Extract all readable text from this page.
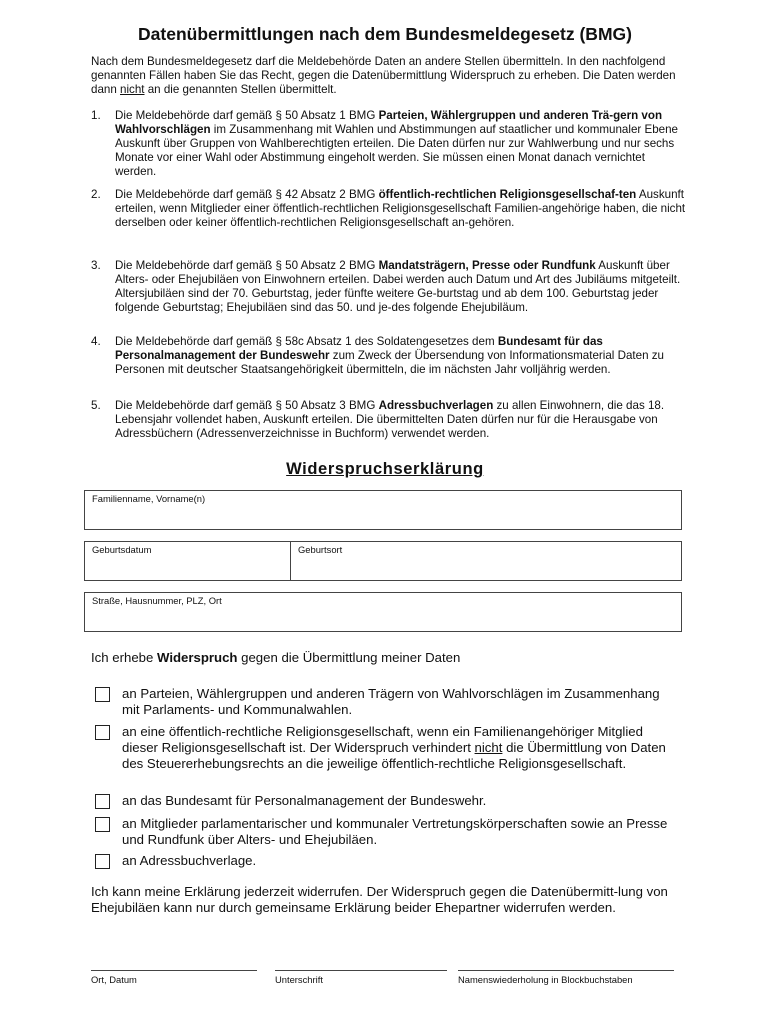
Datenübermittlungen nach dem Bundesmeldegesetz (BMG)
Nach dem Bundesmeldegesetz darf die Meldebehörde Daten an andere Stellen übermitteln. In den nachfolgend genannten Fällen haben Sie das Recht, gegen die Datenübermittlung Widerspruch zu erheben. Die Daten werden dann nicht an die genannten Stellen übermittelt.
1. Die Meldebehörde darf gemäß § 50 Absatz 1 BMG Parteien, Wählergruppen und anderen Trä-gern von Wahlvorschlägen im Zusammenhang mit Wahlen und Abstimmungen auf staatlicher und kommunaler Ebene Auskunft über Gruppen von Wahlberechtigten erteilen. Die Daten dürfen nur zur Wahlwerbung und nur sechs Monate vor einer Wahl oder Abstimmung eingeholt werden. Sie müssen einen Monat danach vernichtet werden.
2. Die Meldebehörde darf gemäß § 42 Absatz 2 BMG öffentlich-rechtlichen Religionsgesellschaf-ten Auskunft erteilen, wenn Mitglieder einer öffentlich-rechtlichen Religionsgesellschaft Familien-angehörige haben, die nicht derselben oder keiner öffentlich-rechtlichen Religionsgesellschaft an-gehören.
3. Die Meldebehörde darf gemäß § 50 Absatz 2 BMG Mandatsträgern, Presse oder Rundfunk Auskunft über Alters- oder Ehejubiläen von Einwohnern erteilen. Dabei werden auch Datum und Art des Jubiläums mitgeteilt. Altersjubiläen sind der 70. Geburtstag, jeder fünfte weitere Ge-burtstag und ab dem 100. Geburtstag jeder folgende Geburtstag; Ehejubiläen sind das 50. und je-des folgende Ehejubiläum.
4. Die Meldebehörde darf gemäß § 58c Absatz 1 des Soldatengesetzes dem Bundesamt für das Personalmanagement der Bundeswehr zum Zweck der Übersendung von Informationsmaterial Daten zu Personen mit deutscher Staatsangehörigkeit übermitteln, die im nächsten Jahr volljährig werden.
5. Die Meldebehörde darf gemäß § 50 Absatz 3 BMG Adressbuchverlagen zu allen Einwohnern, die das 18. Lebensjahr vollendet haben, Auskunft erteilen. Die übermittelten Daten dürfen nur für die Herausgabe von Adressbüchern (Adressenverzeichnisse in Buchform) verwendet werden.
Widerspruchserklärung
Familienname, Vorname(n)
Geburtsdatum	Geburtsort
Straße, Hausnummer, PLZ, Ort
Ich erhebe Widerspruch gegen die Übermittlung meiner Daten
an Parteien, Wählergruppen und anderen Trägern von Wahlvorschlägen im Zusammenhang mit Parlaments- und Kommunalwahlen.
an eine öffentlich-rechtliche Religionsgesellschaft, wenn ein Familienangehöriger Mitglied dieser Religionsgesellschaft ist. Der Widerspruch verhindert nicht die Übermittlung von Daten des Steuererhebungsrechts an die jeweilige öffentlich-rechtliche Religionsgesellschaft.
an das Bundesamt für Personalmanagement der Bundeswehr.
an Mitglieder parlamentarischer und kommunaler Vertretungskörperschaften sowie an Presse und Rundfunk über Alters- und Ehejubiläen.
an Adressbuchverlage.
Ich kann meine Erklärung jederzeit widerrufen. Der Widerspruch gegen die Datenübermitt-lung von Ehejubiläen kann nur durch gemeinsame Erklärung beider Ehepartner widerrufen werden.
Ort, Datum	Unterschrift	Namenswiederholung in Blockbuchstaben
